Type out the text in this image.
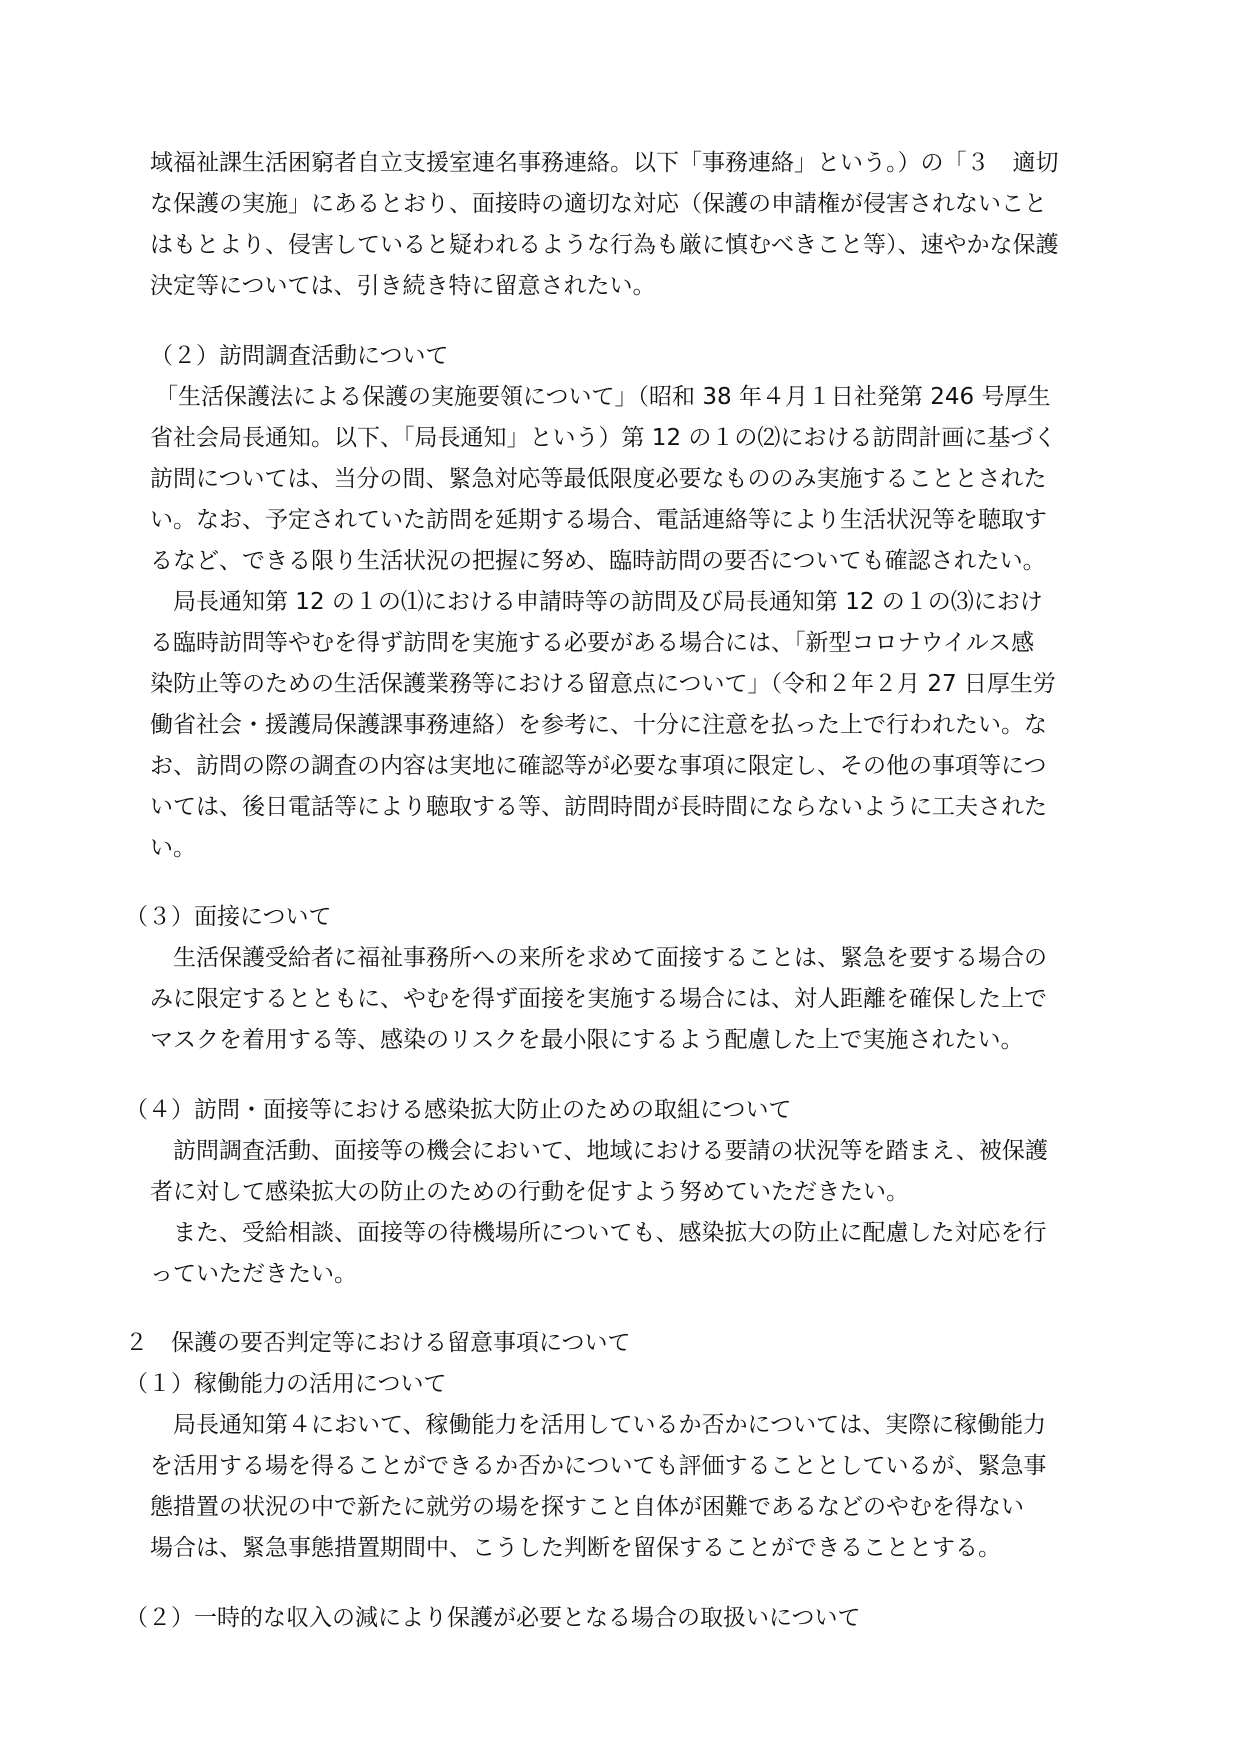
域福祉課生活困窮者自立支援室連名事務連絡。以下「事務連絡」という。）の「３　適切
な保護の実施」にあるとおり、面接時の適切な対応（保護の申請権が侵害されないこと
はもとより、侵害していると疑われるような行為も厳に慎むべきこと等）、速やかな保護
決定等については、引き続き特に留意されたい。
（２）訪問調査活動について
「生活保護法による保護の実施要領について」（昭和 38 年４月１日社発第 246 号厚生
省社会局長通知。以下、「局長通知」という）第 12 の１の⑵における訪問計画に基づく
訪問については、当分の間、緊急対応等最低限度必要なもののみ実施することとされた
い。なお、予定されていた訪問を延期する場合、電話連絡等により生活状況等を聴取す
るなど、できる限り生活状況の把握に努め、臨時訪問の要否についても確認されたい。
局長通知第 12 の１の⑴における申請時等の訪問及び局長通知第 12 の１の⑶におけ
る臨時訪問等やむを得ず訪問を実施する必要がある場合には、「新型コロナウイルス感
染防止等のための生活保護業務等における留意点について」（令和２年２月 27 日厚生労
働省社会・援護局保護課事務連絡）を参考に、十分に注意を払った上で行われたい。な
お、訪問の際の調査の内容は実地に確認等が必要な事項に限定し、その他の事項等につ
いては、後日電話等により聴取する等、訪問時間が長時間にならないように工夫された
い。
（３）面接について
生活保護受給者に福祉事務所への来所を求めて面接することは、緊急を要する場合の
みに限定するとともに、やむを得ず面接を実施する場合には、対人距離を確保した上で
マスクを着用する等、感染のリスクを最小限にするよう配慮した上で実施されたい。
（４）訪問・面接等における感染拡大防止のための取組について
訪問調査活動、面接等の機会において、地域における要請の状況等を踏まえ、被保護
者に対して感染拡大の防止のための行動を促すよう努めていただきたい。
また、受給相談、面接等の待機場所についても、感染拡大の防止に配慮した対応を行
っていただきたい。
２　保護の要否判定等における留意事項について
（１）稼働能力の活用について
局長通知第４において、稼働能力を活用しているか否かについては、実際に稼働能力
を活用する場を得ることができるか否かについても評価することとしているが、緊急事
態措置の状況の中で新たに就労の場を探すこと自体が困難であるなどのやむを得ない
場合は、緊急事態措置期間中、こうした判断を留保することができることとする。
（２）一時的な収入の減により保護が必要となる場合の取扱いについて
